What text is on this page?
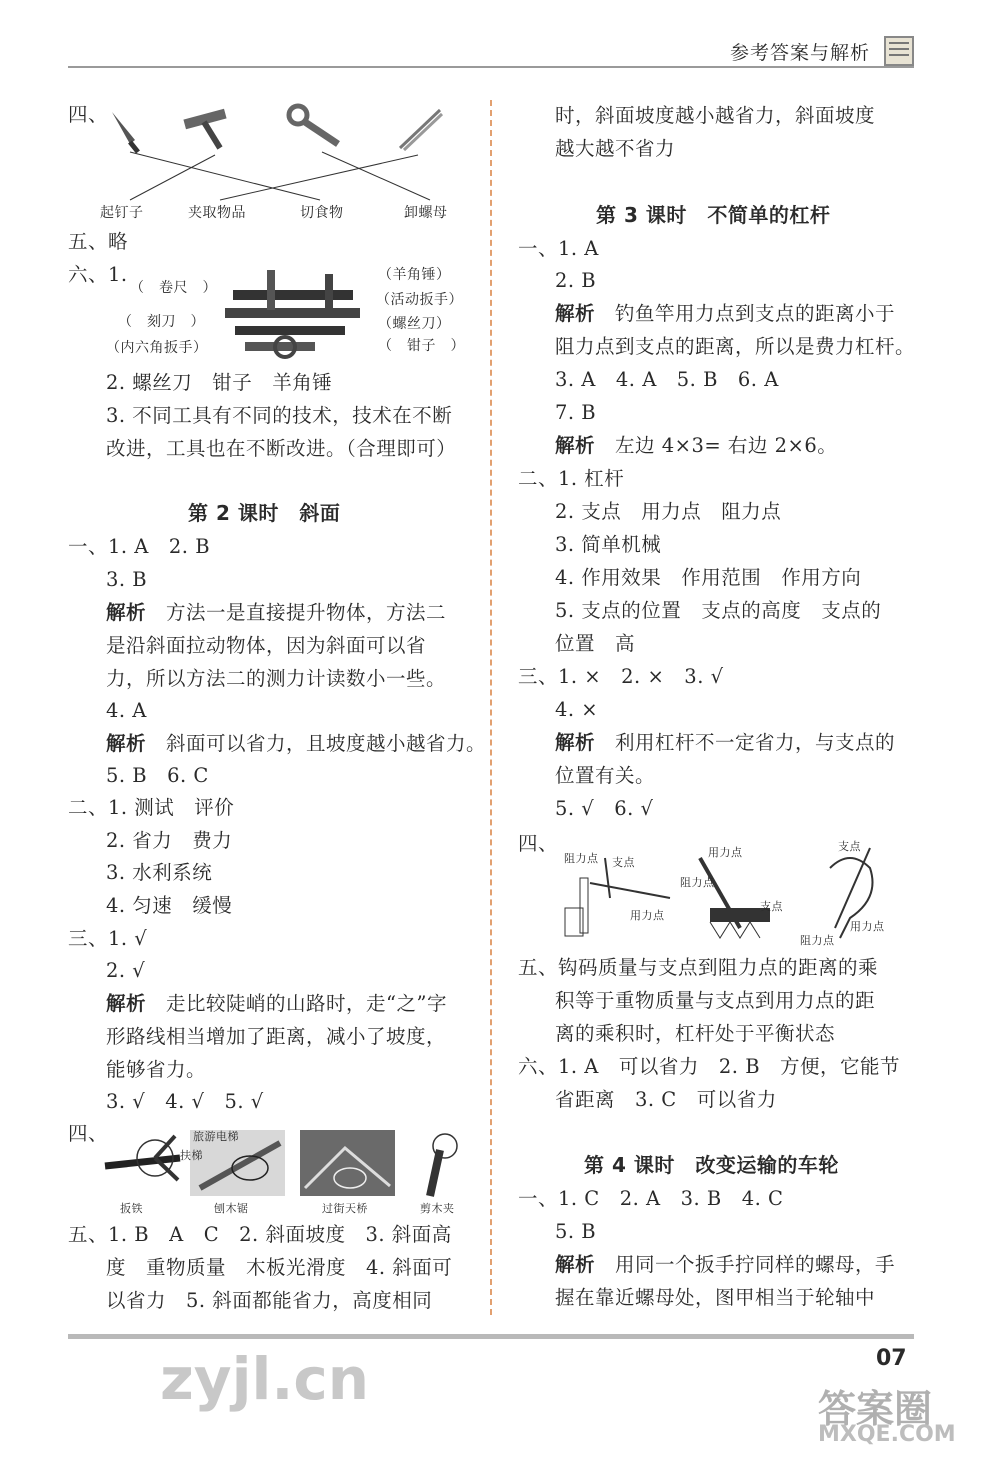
参考答案与解析
四、
起钉子	夹取物品	切食物	卸螺母
五、略
六、1.
（　卷尺　）
（　刻刀　）
（内六角扳手）
（羊角锤）
（活动扳手）
（螺丝刀）
（　钳子　）
2. 螺丝刀　钳子　羊角锤
3. 不同工具有不同的技术，技术在不断
改进，工具也在不断改进。（合理即可）
第 2 课时　斜面
一、1. A　2. B
3. B
解析　 方法一是直接提升物体，方法二
是沿斜面拉动物体，因为斜面可以省
力，所以方法二的测力计读数小一些。
4. A
解析　 斜面可以省力，且坡度越小越省力。
5. B　6. C
二、1. 测试　评价
2. 省力　费力
3. 水利系统
4. 匀速　缓慢
三、1. √
2. √
解析　 走比较陡峭的山路时，走“之”字
形路线相当增加了距离，减小了坡度，
能够省力。
3. √　4. √　5. √
四、	旅游电梯
扶梯
扳铁	刨木锯	过街天桥	剪木夹
五、1. B　A　C　2. 斜面坡度　3. 斜面高
度　重物质量　木板光滑度　4. 斜面可
以省力　5. 斜面都能省力，高度相同
时，斜面坡度越小越省力，斜面坡度
越大越不省力
第 3 课时　不简单的杠杆
一、1. A
2. B
解析　 钓鱼竿用力点到支点的距离小于
阻力点到支点的距离，所以是费力杠杆。
3. A　4. A　5. B　6. A
7. B
解析　 左边 4×3= 右边 2×6。
二、1. 杠杆
2. 支点　用力点　阻力点
3. 简单机械
4. 作用效果　作用范围　作用方向
5. 支点的位置　支点的高度　支点的
位置　高
三、1. ×　2. ×　3. √
4. ×
解析　 利用杠杆不一定省力，与支点的
位置有关。
5. √　6. √
四、
阻力点 支点
用力点
用力点
阻力点
支点
支点
用力点
阻力点
五、钩码质量与支点到阻力点的距离的乘
积等于重物质量与支点到用力点的距
离的乘积时，杠杆处于平衡状态
六、1. A　可以省力　2. B　方便，它能节
省距离　3. C　可以省力
第 4 课时　改变运输的车轮
一、1. C　2. A　3. B　4. C
5. B
解析　 用同一个扳手拧同样的螺母，手
握在靠近螺母处，图甲相当于轮轴中
07
zyjl.cn	答案圈
MXQE.COM
